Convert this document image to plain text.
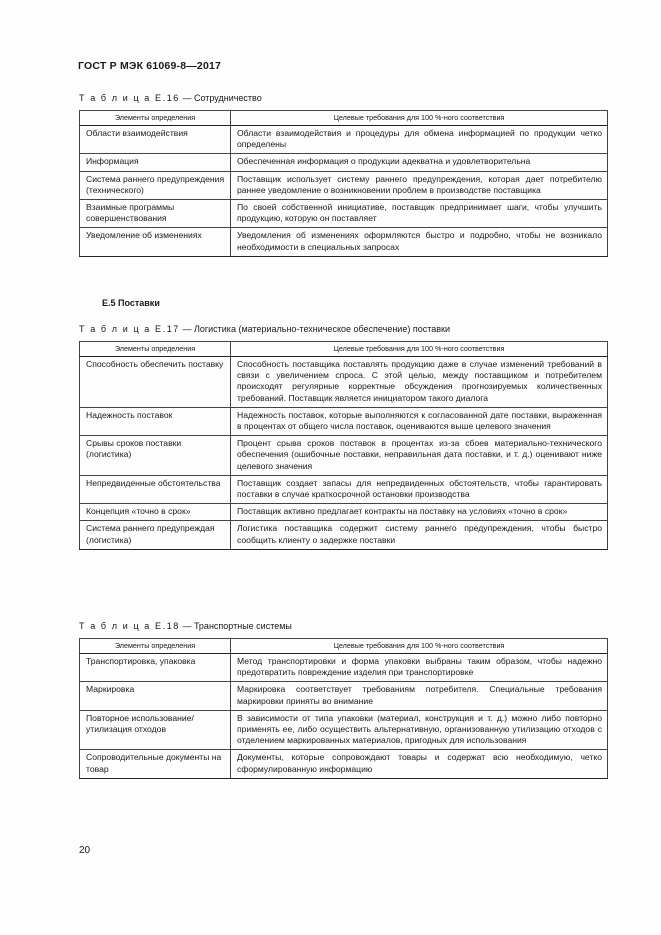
ГОСТ Р МЭК 61069-8—2017
Т а б л и ц а Е.16 — Сотрудничество
Элементы определения	Целевые требования для 100 %-ного соответствия
Области взаимодействия	Области взаимодействия и процедуры для обмена информацией по продукции четко определены
Информация	Обеспеченная информация о продукции адекватна и удовлетворительна
Система раннего предупреждения (технического)	Поставщик использует систему раннего предупреждения, которая дает потребителю раннее уведомление о возникновении проблем в производстве поставщика
Взаимные программы совершенствования	По своей собственной инициативе, поставщик предпринимает шаги, чтобы улучшить продукцию, которую он поставляет
Уведомление об изменениях	Уведомления об изменениях оформляются быстро и подробно, чтобы не возникало необходимости в специальных запросах
Е.5 Поставки
Т а б л и ц а Е.17 — Логистика (материально-техническое обеспечение) поставки
Элементы определения	Целевые требования для 100 %-ного соответствия
Способность обеспечить поставку	Способность поставщика поставлять продукцию даже в случае изменений требований в связи с увеличением спроса. С этой целью, между поставщиком и потребителем происходят регулярные корректные обсуждения прогнозируемых количественных требований. Поставщик является инициатором такого диалога
Надежность поставок	Надежность поставок, которые выполняются к согласованной дате поставки, выраженная в процентах от общего числа поставок, оцениваются выше целевого значения
Срывы сроков поставки (логистика)	Процент срыва сроков поставок в процентах из-за сбоев материально-технического обеспечения (ошибочные поставки, неправильная дата поставки, и т. д.) оценивают ниже целевого значения
Непредвиденные обстоятельства	Поставщик создает запасы для непредвиденных обстоятельств, чтобы гарантировать поставки в случае краткосрочной остановки производства
Концепция «точно в срок»	Поставщик активно предлагает контракты на поставку на условиях «точно в срок»
Система раннего предупреждая (логистика)	Логистика поставщика содержит систему раннего предупреждения, чтобы быстро сообщить клиенту о задержке поставки
Т а б л и ц а Е.18 — Транспортные системы
Элементы определения	Целевые требования для 100 %-ного соответствия
Транспортировка, упаковка	Метод транспортировки и форма упаковки выбраны таким образом, чтобы надежно предотвратить повреждение изделия при транспортировке
Маркировка	Маркировка соответствует требованиям потребителя. Специальные требования маркировки приняты во внимание
Повторное использование/ утилизация отходов	В зависимости от типа упаковки (материал, конструкция и т. д.) можно либо повторно применять ее, либо осуществить альтернативную, организованную утилизацию отходов с отделением маркированных материалов, пригодных для использования
Сопроводительные документы на товар	Документы, которые сопровождают товары и содержат всю необходимую, четко сформулированную информацию
20
